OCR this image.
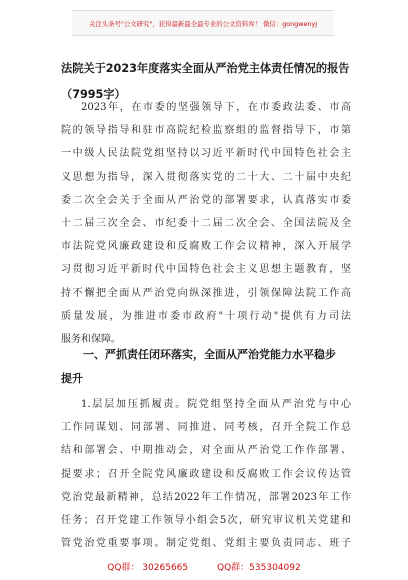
关注头条号"公文研究"，获得最新最全最专业的公文资料库！ 微信：gongwenyj
法院关于2023年度落实全面从严治党主体责任情况的报告
（7995字）
2023年，在市委的坚强领导下，在市委政法委、市高
院的领导指导和驻市高院纪检监察组的监督指导下，市第
一中级人民法院党组坚持以习近平新时代中国特色社会主
义思想为指导，深入贯彻落实党的二十大、二十届中央纪
委二次全会关于全面从严治党的部署要求，认真落实市委
十二届三次全会、市纪委十二届二次全会、全国法院及全
市法院党风廉政建设和反腐败工作会议精神，深入开展学
习贯彻习近平新时代中国特色社会主义思想主题教育，坚
持不懈把全面从严治党向纵深推进，引领保障法院工作高
质量发展，为推进市委市政府"十项行动"提供有力司法
服务和保障。
一、严抓责任闭环落实，全面从严治党能力水平稳步
提升
1.层层加压抓履责。院党组坚持全面从严治党与中心
工作同谋划、同部署、同推进、同考核，召开全院工作总
结和部署会、中期推动会，对全面从严治党工作作部署、
提要求；召开全院党风廉政建设和反腐败工作会议传达管
党治党最新精神，总结2022年工作情况，部署2023年工作
任务；召开党建工作领导小组会5次，研究审议机关党建和
管党治党重要事项。制定党组、党组主要负责同志、班子
QQ群： 30265665	QQ群：535304092
